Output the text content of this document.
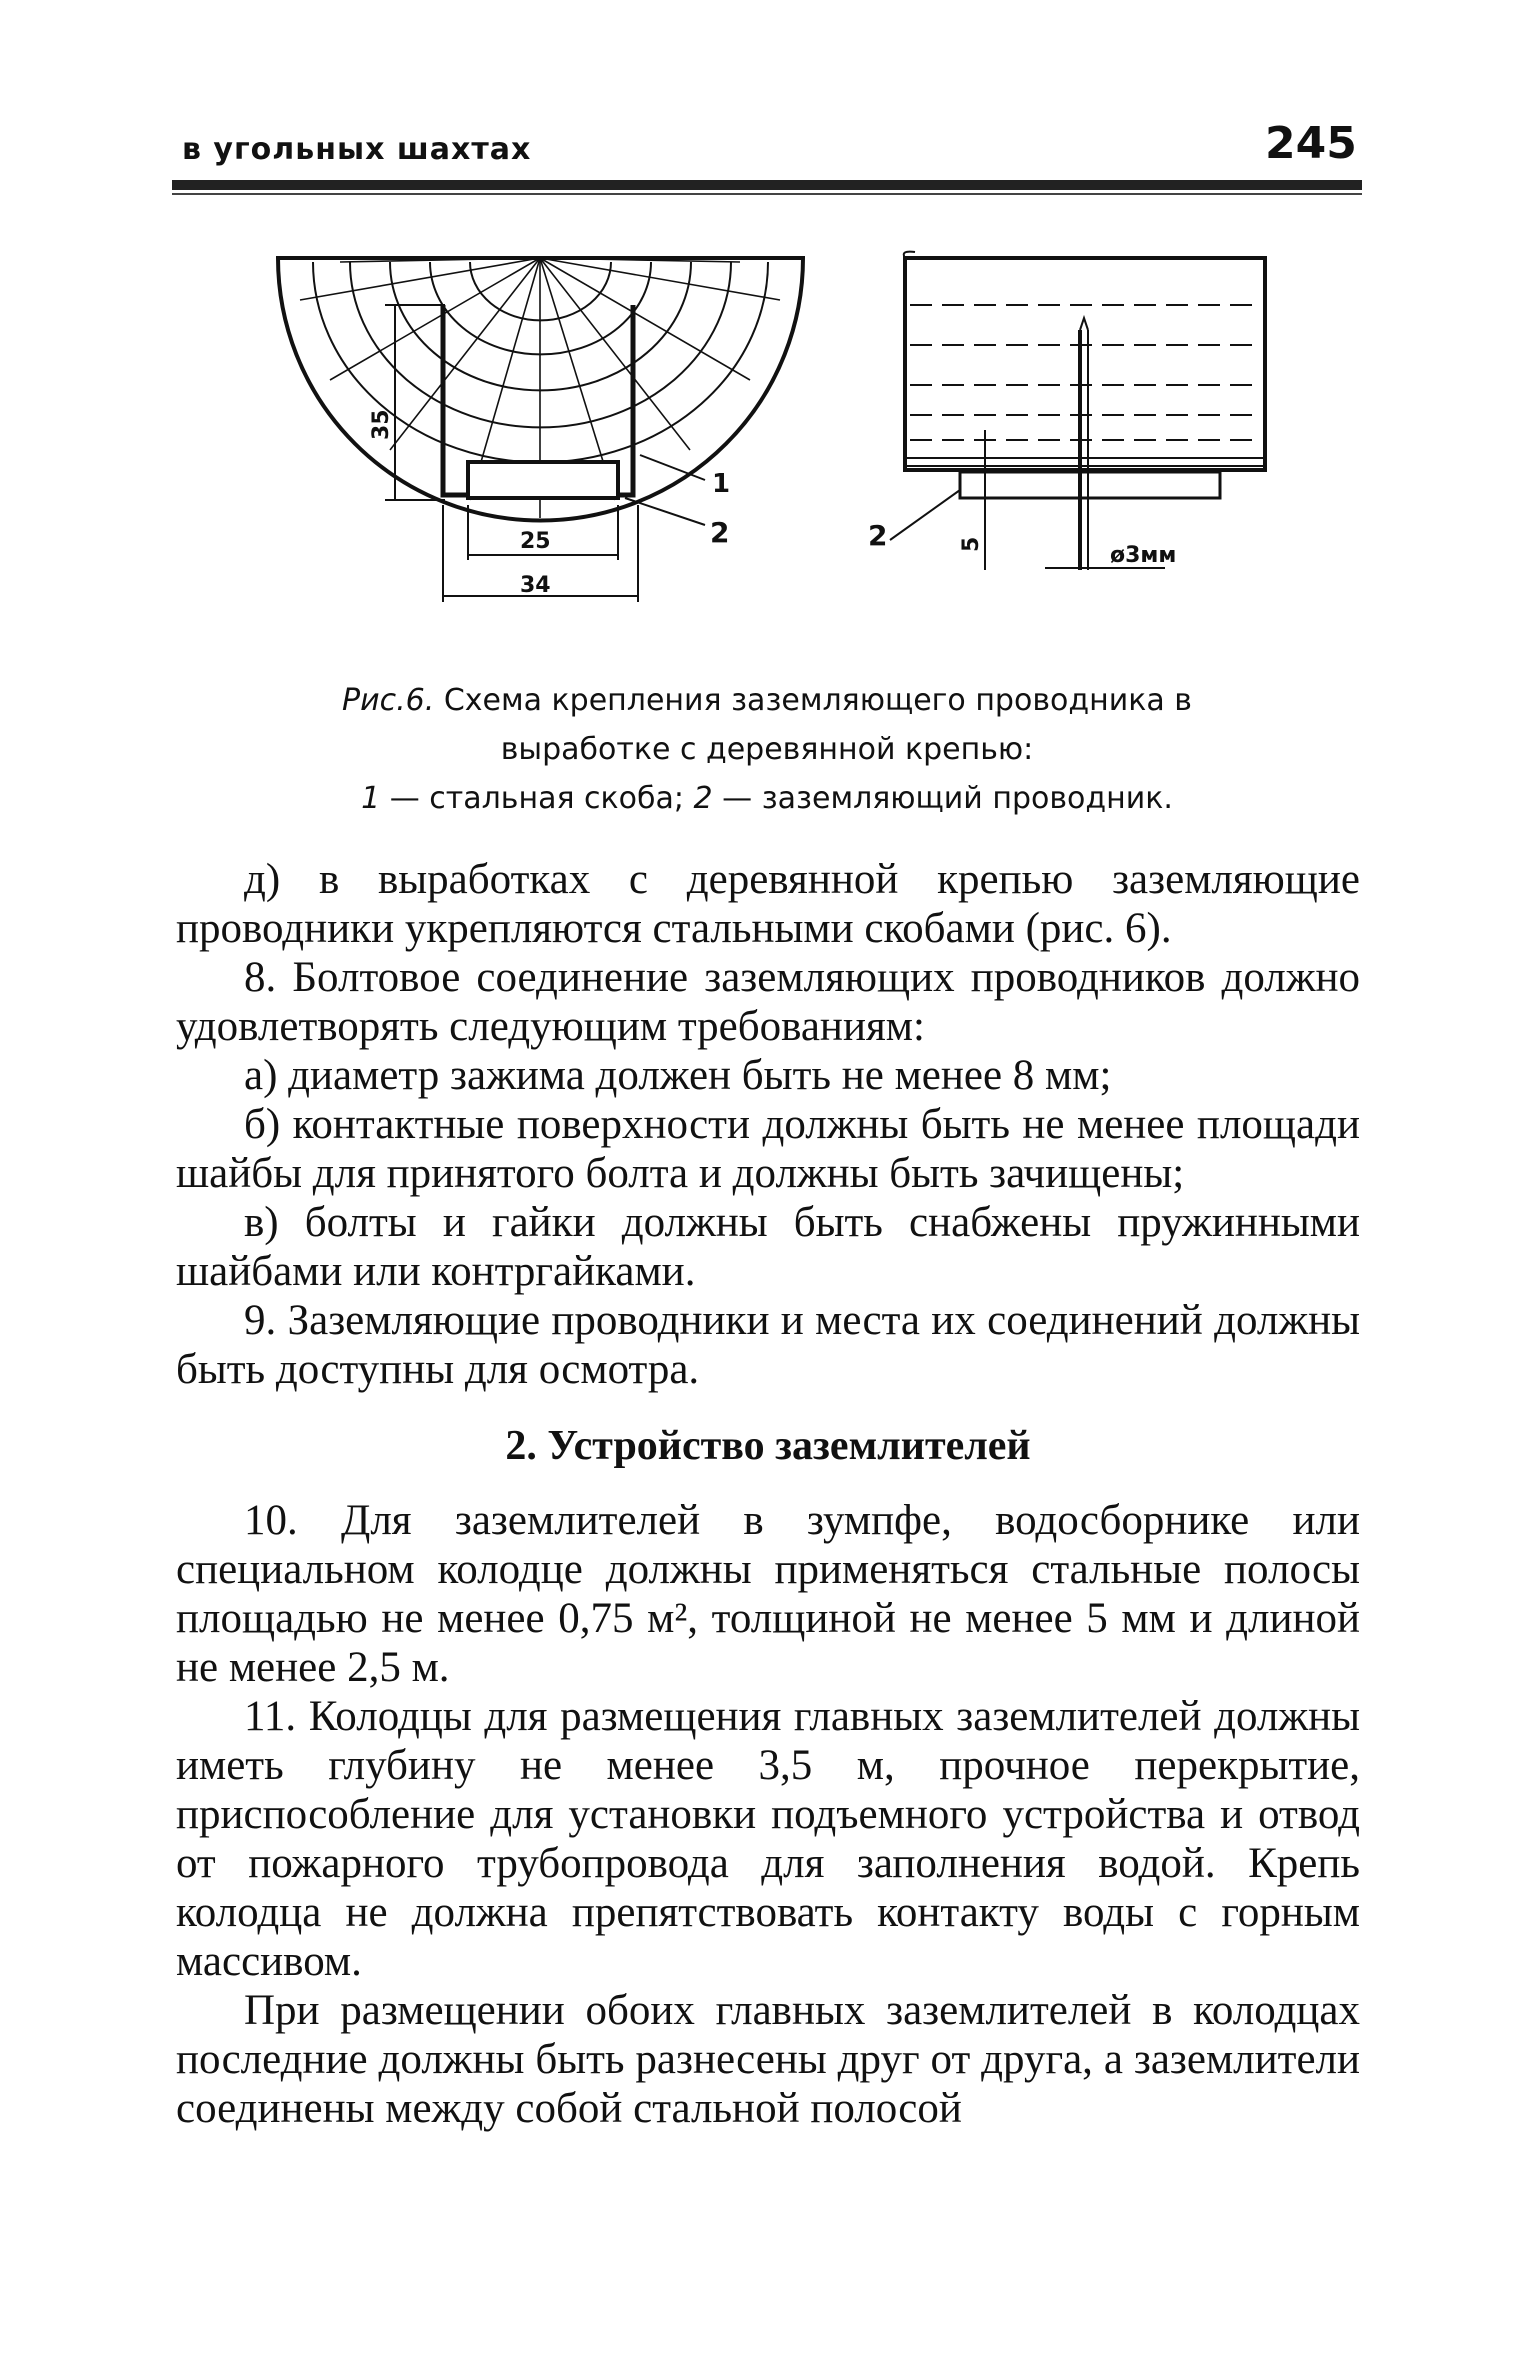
в угольных шахтах	245
35
25
34
1
2	2	5	ø3мм
Рис.6. Схема крепления заземляющего проводника в
выработке с деревянной крепью:
1 — стальная скоба; 2 — заземляющий проводник.

д) в выработках с деревянной крепью заземляющие проводники укрепляются стальными скобами (рис. 6).

8. Болтовое соединение заземляющих проводников должно удовлетворять следующим требованиям:

а) диаметр зажима должен быть не менее 8 мм;

б) контактные поверхности должны быть не менее площади шайбы для принятого болта и должны быть зачищены;

в) болты и гайки должны быть снабжены пружинными шайбами или контргайками.

9. Заземляющие проводники и места их соединений должны быть доступны для осмотра.

2. Устройство заземлителей

10. Для заземлителей в зумпфе, водосборнике или специальном колодце должны применяться стальные полосы площадью не менее 0,75 м², толщиной не менее 5 мм и длиной не менее 2,5 м.

11. Колодцы для размещения главных заземлителей должны иметь глубину не менее 3,5 м, прочное перекрытие, приспособление для установки подъемного устройства и отвод от пожарного трубопровода для заполнения водой. Крепь колодца не должна препятствовать контакту воды с горным массивом.

При размещении обоих главных заземлителей в колодцах последние должны быть разнесены друг от друга, а заземлители соединены между собой стальной полосой
